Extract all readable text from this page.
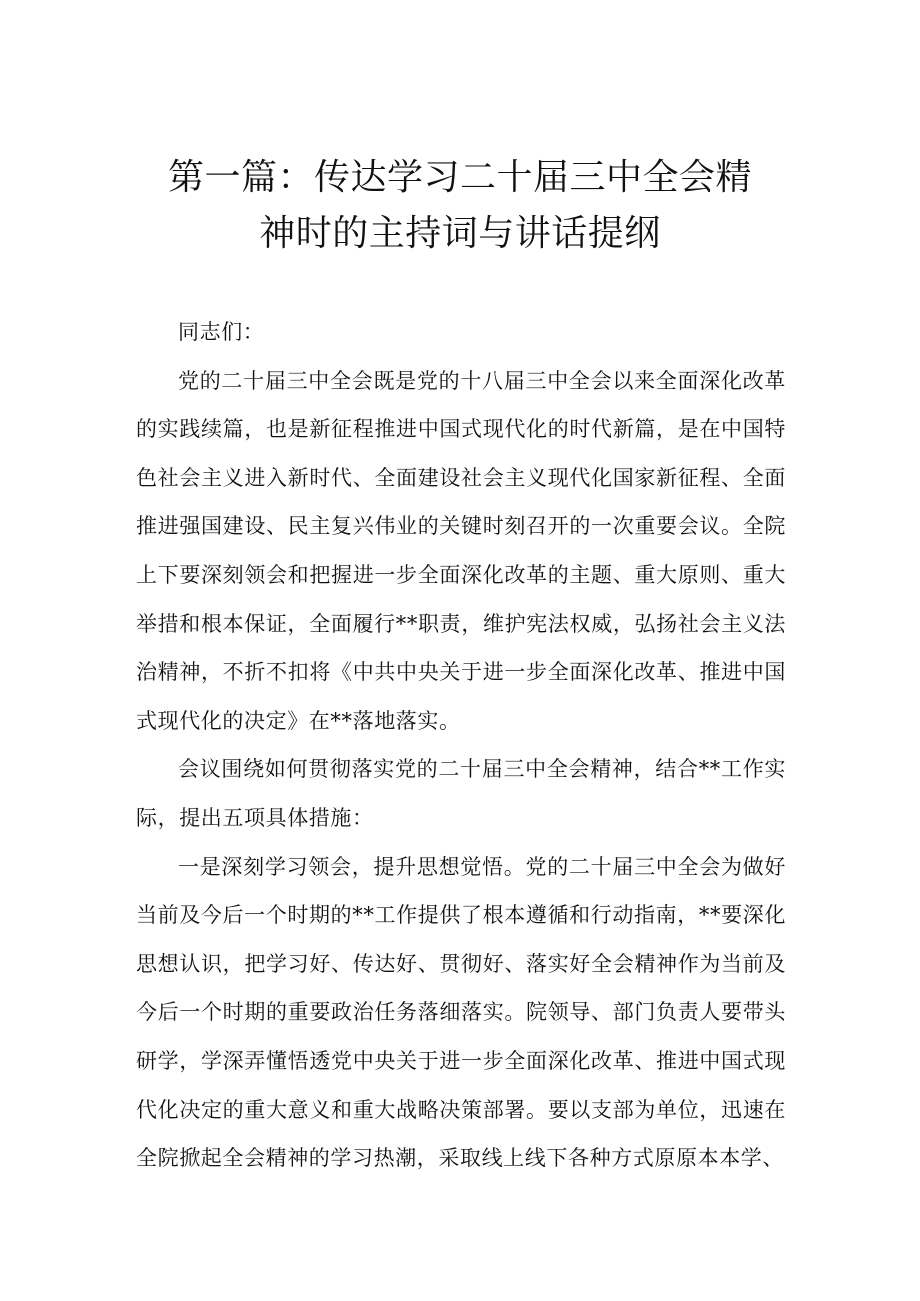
第一篇：传达学习二十届三中全会精
神时的主持词与讲话提纲

同志们：

党的二十届三中全会既是党的十八届三中全会以来全面深化改革的实践续篇，也是新征程推进中国式现代化的时代新篇，是在中国特色社会主义进入新时代、全面建设社会主义现代化国家新征程、全面推进强国建设、民主复兴伟业的关键时刻召开的一次重要会议。全院上下要深刻领会和把握进一步全面深化改革的主题、重大原则、重大举措和根本保证，全面履行**职责，维护宪法权威，弘扬社会主义法治精神，不折不扣将《中共中央关于进一步全面深化改革、推进中国式现代化的决定》在**落地落实。

会议围绕如何贯彻落实党的二十届三中全会精神，结合**工作实际，提出五项具体措施：

一是深刻学习领会，提升思想觉悟。党的二十届三中全会为做好当前及今后一个时期的**工作提供了根本遵循和行动指南，**要深化思想认识，把学习好、传达好、贯彻好、落实好全会精神作为当前及今后一个时期的重要政治任务落细落实。院领导、部门负责人要带头研学，学深弄懂悟透党中央关于进一步全面深化改革、推进中国式现代化决定的重大意义和重大战略决策部署。要以支部为单位，迅速在全院掀起全会精神的学习热潮，采取线上线下各种方式原原本本学、
